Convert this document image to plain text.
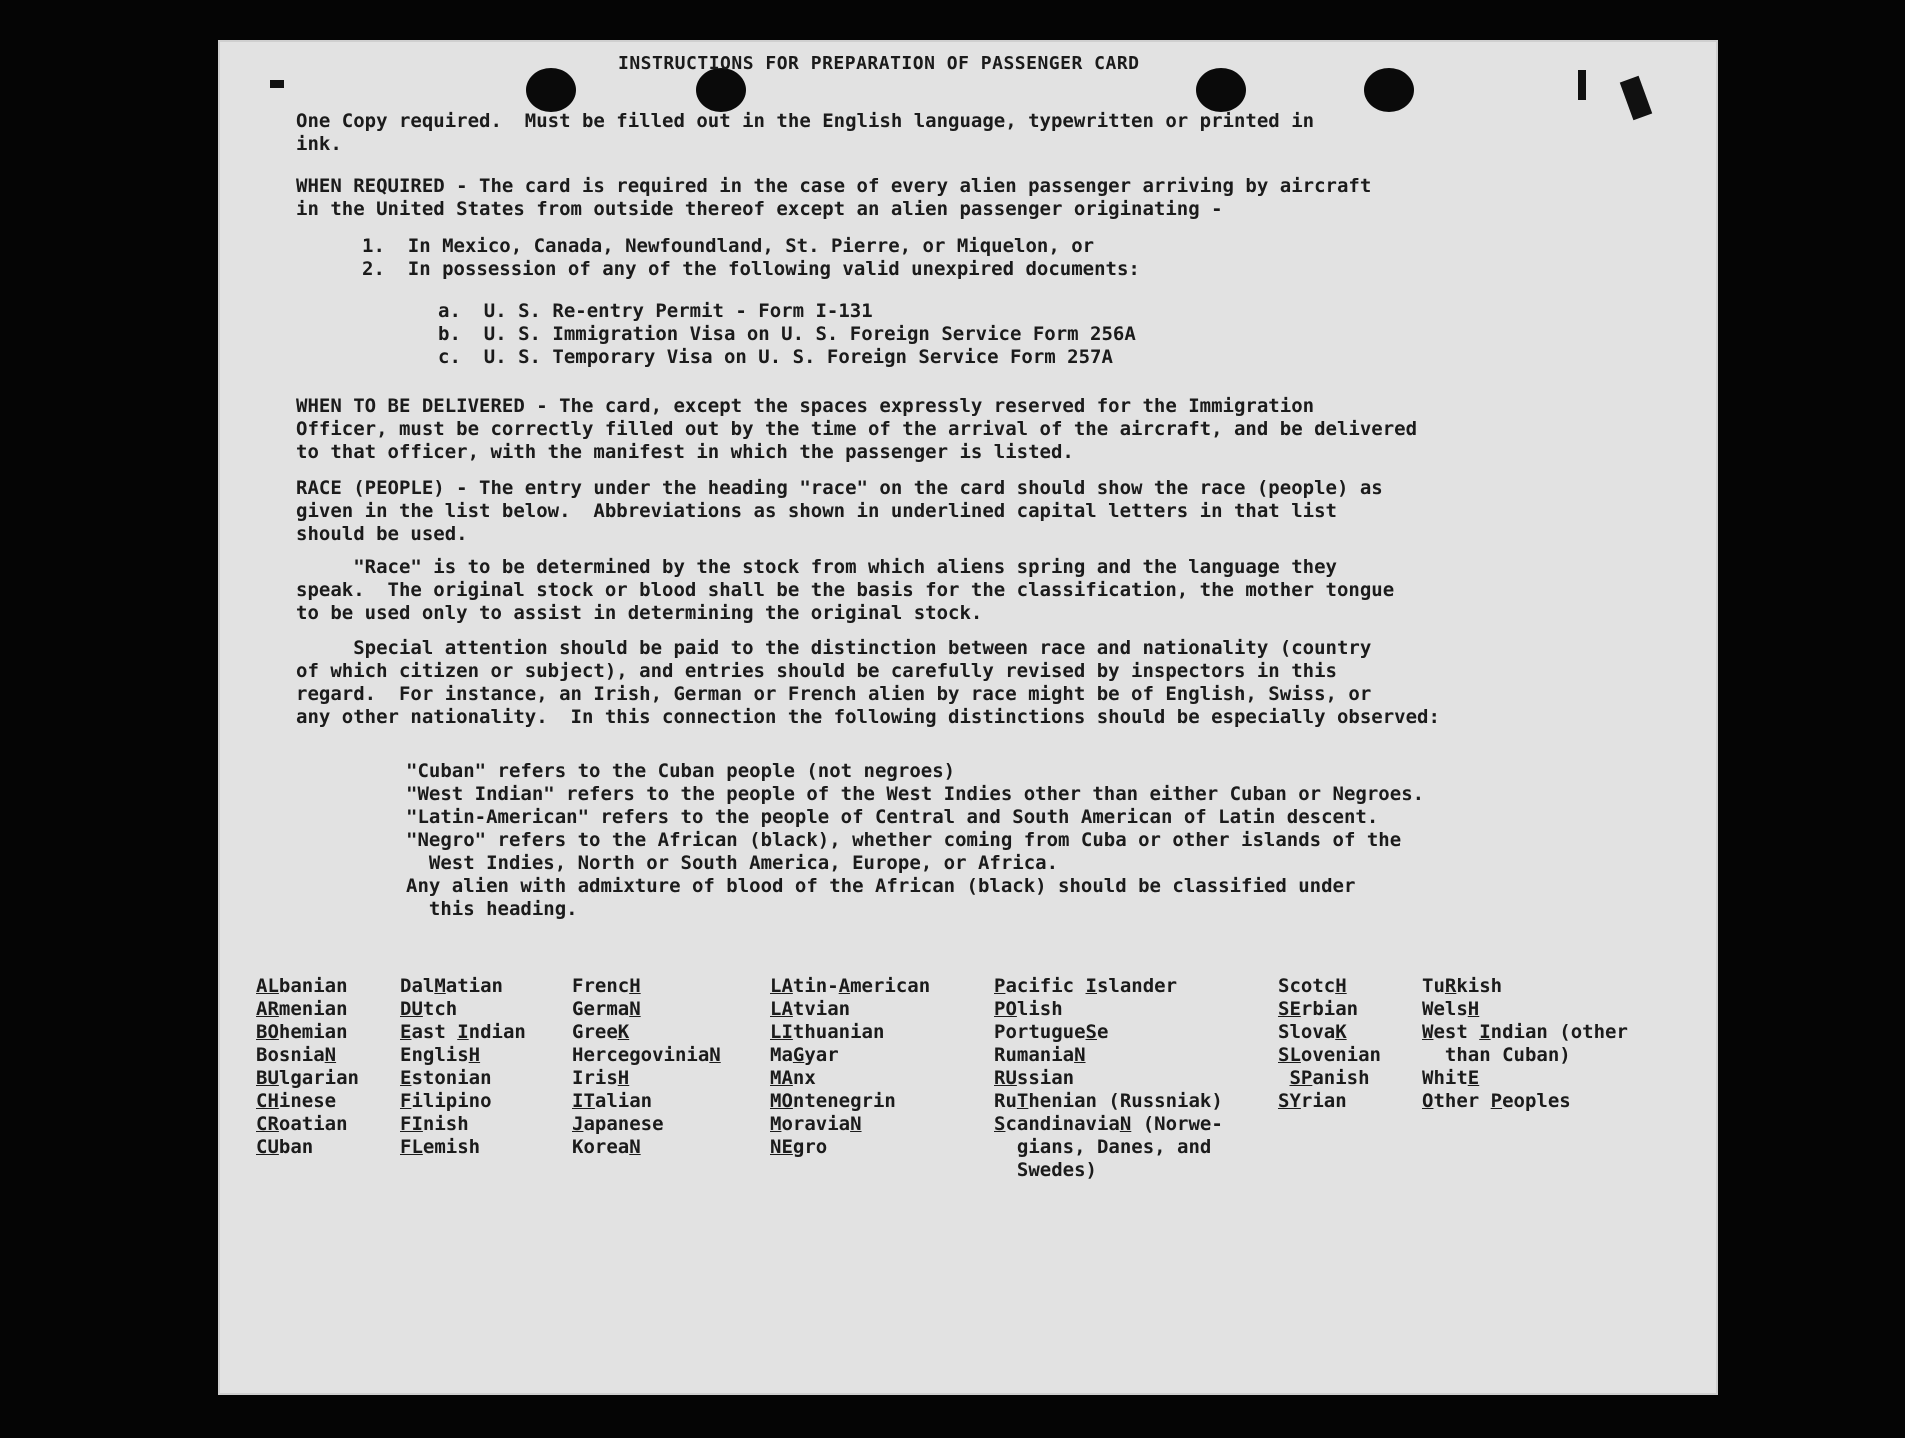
INSTRUCTIONS FOR PREPARATION OF PASSENGER CARD
One Copy required.  Must be filled out in the English language, typewritten or printed in
ink.
WHEN REQUIRED - The card is required in the case of every alien passenger arriving by aircraft
in the United States from outside thereof except an alien passenger originating -
1.  In Mexico, Canada, Newfoundland, St. Pierre, or Miquelon, or
2.  In possession of any of the following valid unexpired documents:
a.  U. S. Re-entry Permit - Form I-131
b.  U. S. Immigration Visa on U. S. Foreign Service Form 256A
c.  U. S. Temporary Visa on U. S. Foreign Service Form 257A
WHEN TO BE DELIVERED - The card, except the spaces expressly reserved for the Immigration
Officer, must be correctly filled out by the time of the arrival of the aircraft, and be delivered
to that officer, with the manifest in which the passenger is listed.
RACE (PEOPLE) - The entry under the heading "race" on the card should show the race (people) as
given in the list below.  Abbreviations as shown in underlined capital letters in that list
should be used.
"Race" is to be determined by the stock from which aliens spring and the language they
speak.  The original stock or blood shall be the basis for the classification, the mother tongue
to be used only to assist in determining the original stock.
Special attention should be paid to the distinction between race and nationality (country
of which citizen or subject), and entries should be carefully revised by inspectors in this
regard.  For instance, an Irish, German or French alien by race might be of English, Swiss, or
any other nationality.  In this connection the following distinctions should be especially observed:
"Cuban" refers to the Cuban people (not negroes)
"West Indian" refers to the people of the West Indies other than either Cuban or Negroes.
"Latin-American" refers to the people of Central and South American of Latin descent.
"Negro" refers to the African (black), whether coming from Cuba or other islands of the
West Indies, North or South America, Europe, or Africa.
Any alien with admixture of blood of the African (black) should be classified under
this heading.
ALbanian
ARmenian
BOhemian
BosniaN
BUlgarian
CHinese
CRoatian
CUban
DalMatian
DUtch
East Indian
EnglisH
Estonian
Filipino
FInish
FLemish
FrencH
GermaN
GreeK
HercegoviniaN
IrisH
ITalian
Japanese
KoreaN
LAtin-American
LAtvian
LIthuanian
MaGyar
MAnx
MOntenegrin
MoraviaN
NEgro
Pacific Islander
POlish
PortugueSe
RumaniaN
RUssian
RuThenian (Russniak)
ScandinaviaN (Norwe-
gians, Danes, and
Swedes)
ScotcH
SErbian
SlovaK
SLovenian
SPanish
SYrian
TuRkish
WelsH
West Indian (other
than Cuban)
WhitE
Other Peoples
